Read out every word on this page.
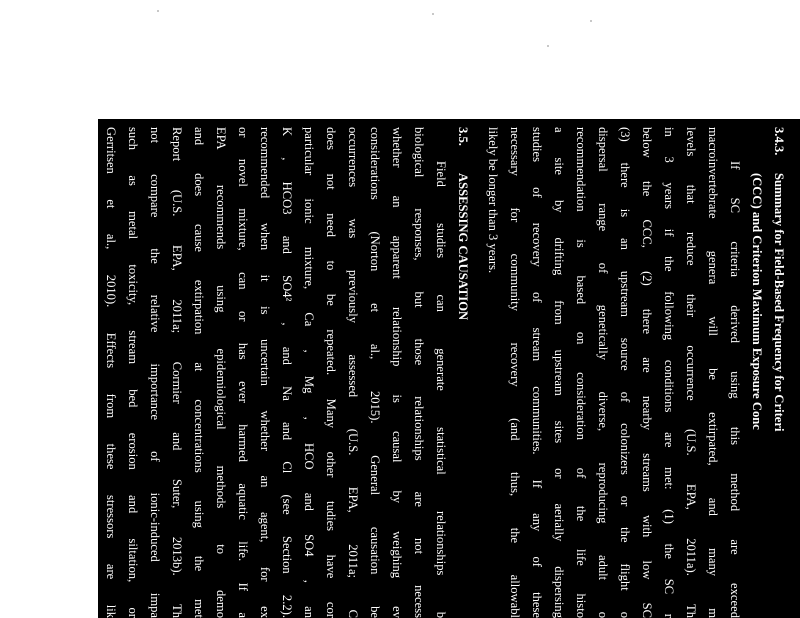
3.4.3.Summary for Field-Based Frequency for Criteri
(CCC) and Criterion Maximum Exposure Conc
If SC criteria derived using this method are exceed
macroinvertebrate genera will be extirpated, and many m
levels that reduce their occurrence (U.S. EPA, 2011a). Th
in 3 years if the following conditions are met: (1) the SC r
below the CCC, (2) there are nearby streams with low SC
(3) there is an upstream source of colonizers or the flight o
dispersal range of genetically diverse, reproducing adult o
recommendation is based on consideration of the life histo
a site by drifting from upstream sites or aerially dispersing
studies of recovery of stream communities. If any of these
necessary for community recovery (and thus, the allowabl
likely be longer than 3 years.
3.5.ASSESSING CAUSATION
Field studies can generate statistical relationships b
biological responses, but those relationships are not necess
whether an apparent relationship is causal by weighing ev
considerations (Norton et al., 2015). General causation be
occurrences was previously assessed (U.S. EPA, 2011a; C
does not need to be repeated. Many other tudies have cor
particular ionic mixture, Ca , Mg , HCO and SO4 , an
K , HCO3 and SO4² , and Na and Cl (see Section 2.2).
recommended when it is uncertain whether an agent, for ex
or novel mixture, can or has ever harmed aquatic life. If a
EPA recommends using epidemiological methods to demo
and does cause extirpation at concentrations using the met
Report (U.S. EPA, 2011a; Cormier and Suter, 2013b). Th
not compare the relative importance of ionic-induced impa
such as metal toxicity, stream bed erosion and siltation, or
Gerritsen et al., 2010). Effects from these stressors are lik
3-30
